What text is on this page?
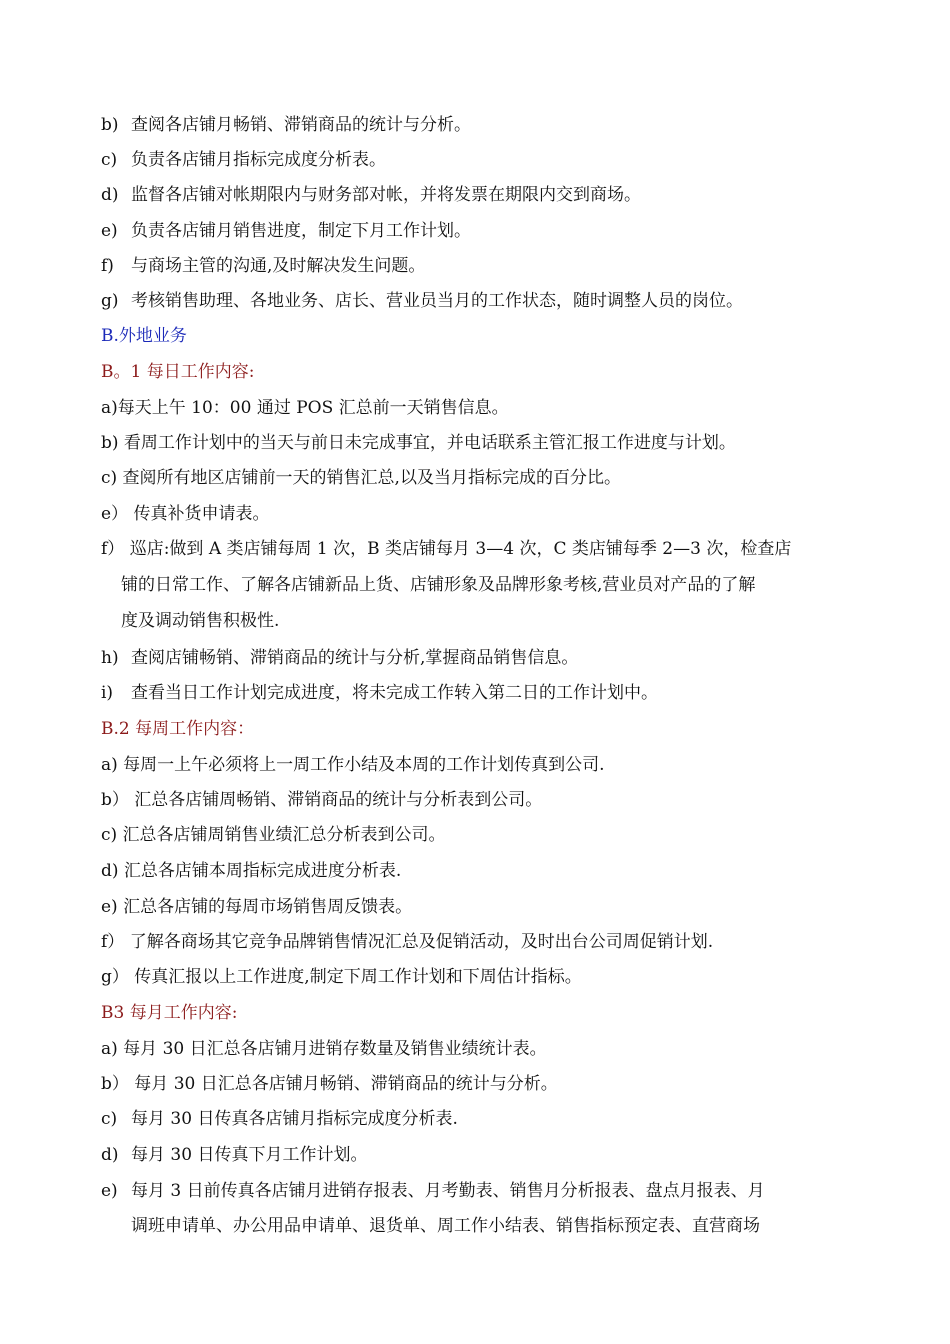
b) 查阅各店铺月畅销、滞销商品的统计与分析。
c) 负责各店铺月指标完成度分析表。
d) 监督各店铺对帐期限内与财务部对帐，并将发票在期限内交到商场。
e) 负责各店铺月销售进度，制定下月工作计划。
f) 与商场主管的沟通,及时解决发生问题。
g) 考核销售助理、各地业务、店长、营业员当月的工作状态，随时调整人员的岗位。
B.外地业务
B。1 每日工作内容:
a)每天上午 10：00 通过 POS 汇总前一天销售信息。
b) 看周工作计划中的当天与前日未完成事宜，并电话联系主管汇报工作进度与计划。
c) 查阅所有地区店铺前一天的销售汇总,以及当月指标完成的百分比。
e） 传真补货申请表。
f） 巡店:做到 A 类店铺每周 1 次，B 类店铺每月 3—4 次，C 类店铺每季 2—3 次，检查店
铺的日常工作、了解各店铺新品上货、店铺形象及品牌形象考核,营业员对产品的了解
度及调动销售积极性.
h) 查阅店铺畅销、滞销商品的统计与分析,掌握商品销售信息。
i) 查看当日工作计划完成进度，将未完成工作转入第二日的工作计划中。
B.2 每周工作内容：
a) 每周一上午必须将上一周工作小结及本周的工作计划传真到公司.
b） 汇总各店铺周畅销、滞销商品的统计与分析表到公司。
c) 汇总各店铺周销售业绩汇总分析表到公司。
d) 汇总各店铺本周指标完成进度分析表.
e) 汇总各店铺的每周市场销售周反馈表。
f） 了解各商场其它竞争品牌销售情况汇总及促销活动，及时出台公司周促销计划.
g） 传真汇报以上工作进度,制定下周工作计划和下周估计指标。
B3 每月工作内容:
a) 每月 30 日汇总各店铺月进销存数量及销售业绩统计表。
b） 每月 30 日汇总各店铺月畅销、滞销商品的统计与分析。
c) 每月 30 日传真各店铺月指标完成度分析表.
d) 每月 30 日传真下月工作计划。
e) 每月 3 日前传真各店铺月进销存报表、月考勤表、销售月分析报表、盘点月报表、月
调班申请单、办公用品申请单、退货单、周工作小结表、销售指标预定表、直营商场
